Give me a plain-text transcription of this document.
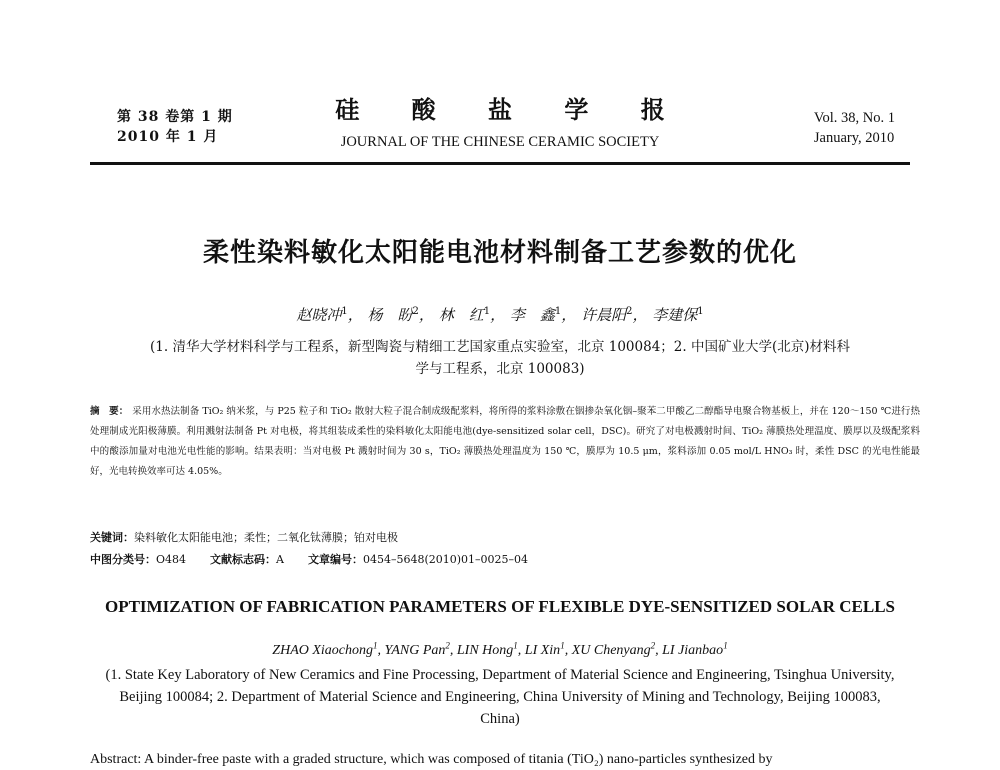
第 38 卷第 1 期
2010 年 1 月
硅 酸 盐 学 报
JOURNAL OF THE CHINESE CERAMIC SOCIETY
Vol. 38, No. 1
January, 2010
柔性染料敏化太阳能电池材料制备工艺参数的优化
赵晓冲$^1$， 杨　盼$^2$， 林　红$^1$， 李　鑫$^1$， 许晨阳$^2$， 李建保$^1$
(1. 清华大学材料科学与工程系，新型陶瓷与精细工艺国家重点实验室，北京 100084；2. 中国矿业大学(北京)材料科学与工程系，北京 100083)
摘　要： 采用水热法制备 TiO₂ 纳米浆，与 P25 粒子和 TiO₂ 散射大粒子混合制成级配浆料，将所得的浆料涂敷在铟掺杂氧化铟–聚苯二甲酸乙二醇酯导电聚合物基板上，并在 120～150 ℃进行热处理制成光阳极薄膜。利用溅射法制备 Pt 对电极，将其组装成柔性的染料敏化太阳能电池(dye-sensitized solar cell，DSC)。研究了对电极溅射时间、TiO₂ 薄膜热处理温度、膜厚以及级配浆料中的酸添加量对电池光电性能的影响。结果表明：当对电极 Pt 溅射时间为 30 s，TiO₂ 薄膜热处理温度为 150 ℃，膜厚为 10.5 μm，浆料添加 0.05 mol/L HNO₃ 时，柔性 DSC 的光电性能最好，光电转换效率可达 4.05%。
关键词：染料敏化太阳能电池；柔性；二氧化钛薄膜；铂对电极
中图分类号：O484 文献标志码：A 文章编号：0454–5648(2010)01–0025–04
OPTIMIZATION OF FABRICATION PARAMETERS OF FLEXIBLE DYE-SENSITIZED SOLAR CELLS
ZHAO Xiaochong$^1$, YANG Pan$^2$, LIN Hong$^1$, LI Xin$^1$, XU Chenyang$^2$, LI Jianbao$^1$
(1. State Key Laboratory of New Ceramics and Fine Processing, Department of Material Science and Engineering, Tsinghua University, Beijing 100084; 2. Department of Material Science and Engineering, China University of Mining and Technology, Beijing 100083, China)
Abstract: A binder-free paste with a graded structure, which was composed of titania (TiO₂) nano-particles synthesized by
